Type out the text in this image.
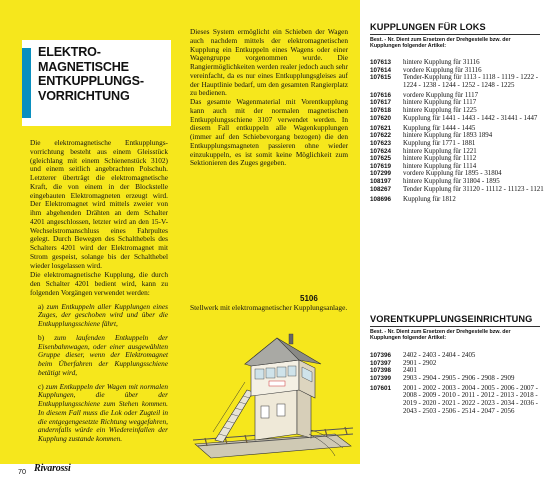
ELEKTRO-MAGNETISCHE ENTKUPPLUNGS-VORRICHTUNG

Die elektromagnetische Entkupplungs-vorrichtung besteht aus einem Gleisstück (gleichlang mit einem Schienenstück 3102) und einem seitlich angebrachten Polschuh. Letzterer überträgt die elektromagnetische Kraft, die von einem in der Blockstelle eingebauten Elektromagneten erzeugt wird. Der Elektromagnet wird mittels zweier von ihm abgehenden Drähten an dem Schalter 4201 angeschlossen, letzter wird an den 15-V-Wechselstromanschluss eines Fahrpultes gelegt. Durch Bewegen des Schalthebels des Schalters 4201 wird der Elektromagnet mit Strom gespeist, solange bis der Schalthebel wieder losgelassen wird.

Die elektromagnetische Kupplung, die durch den Schalter 4201 bedient wird, kann zu folgenden Vorgängen verwendet werden:

a) zum Entkuppeln aller Kupplungen eines Zuges, der geschoben wird und über die Entkupplungsschiene fährt,

b) zum laufenden Entkuppeln der Eisenbahnwagen, oder einer ausgewählten Gruppe dieser, wenn der Elektromagnet beim Überfahren der Kupplungsschiene betätigt wird,

c) zum Entkuppeln der Wagen mit normalen Kupplungen, die über der Entkupplungsschiene zum Stehen kommen. In diesem Fall muss die Lok oder Zugteil in die entgegengesetzte Richtung weggefahren, andernfalls würde ein Wiedereinfallen der Kupplung zustande kommen.

Dieses System ermöglicht ein Schieben der Wagen auch nachdem mittels der elektromagnetischen Kupplung ein Entkuppeln eines Wagens oder einer Wagengruppe vorgenommen wurde. Die Rangiermöglichkeiten werden realer jedoch auch sehr vereinfacht, da es nur eines Entkupplungsgleises auf der Hauptlinie bedarf, um den gesamten Rangierplatz zu bedienen.

Das gesamte Wagenmaterial mit Vorentkupplung kann auch mit der normalen magnetischen Entkupplungsschiene 3107 verwendet werden. In diesem Fall entkuppeln alle Wagenkupplungen (immer auf den Schiebevorgang bezogen) die den Entkupplungsmagneten passieren ohne wieder einzukuppeln, es ist somit keine Möglichkeit zum Sektionieren des Zuges gegeben.

5106
Stellwerk mit elektromagnetischer Kupplungsanlage.
KUPPLUNGEN FÜR LOKS
Best. - Nr. Dient zum Ersetzen der Drehgestelle bzw. der Kupplungen folgender Artikel:
107613	hintere Kupplung für 31116
107614	vordere Kupplung für 31116
107615	Tender-Kupplung für 1113 - 1118 - 1119 - 1222 - 1224 - 1238 - 1244 - 1252 - 1248 - 1225
107616	vordere Kupplung für 1117
107617	hintere Kupplung für 1117
107618	hintere Kupplung für 1225
107620	Kupplung für 1441 - 1443 - 1442 - 31441 - 1447
107621	Kupplung für 1444 - 1445
107622	hintere Kupplung für 1893 1894
107623	Kupplung für 1771 - 1881
107624	hintere Kupplung für 1221
107625	hintere Kupplung für 1112
107619	hintere Kupplung für 1114
107299	vordere Kupplung für 1895 - 31804
108197	hintere Kupplung für 31804 - 1895
108267	Tender Kupplung für 31120 - 11112 - 11123 - 1121
108696	Kupplung für 1812
VORENTKUPPLUNGSEINRICHTUNG
Best. - Nr. Dient zum Ersetzen der Drehgestelle bzw. der Kupplungen folgender Artikel:
107396	2402 - 2403 - 2404 - 2405
107397	2901 - 2902
107398	2401
107399	2903 - 2904 - 2905 - 2906 - 2908 - 2909
107601	2001 - 2002 - 2003 - 2004 - 2005 - 2006 - 2007 - 2008 - 2009 - 2010 - 2011 - 2012 - 2013 - 2018 - 2019 - 2020 - 2021 - 2022 - 2023 - 2034 - 2036 - 2043 - 2503 - 2506 - 2514 - 2047 - 2056
70 Rivarossi
